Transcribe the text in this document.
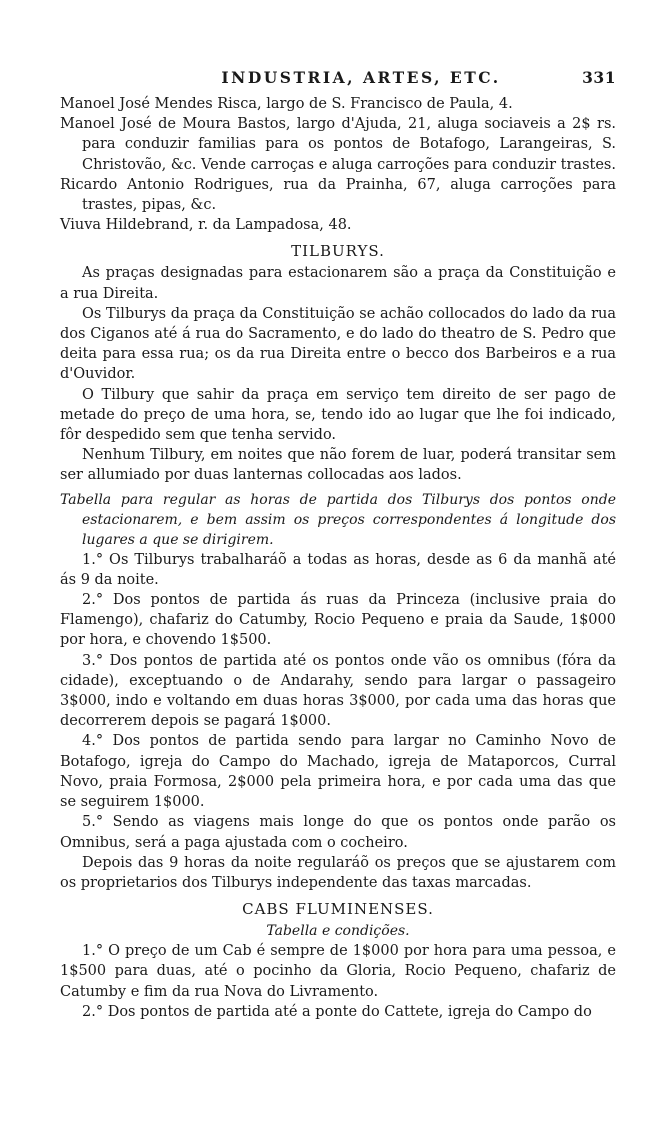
INDUSTRIA, ARTES, ETC.	331
Manoel José Mendes Risca, largo de S. Francisco de Paula, 4.
Manoel José de Moura Bastos, largo d'Ajuda, 21, aluga sociaveis a 2$ rs. para conduzir familias para os pontos de Botafogo, Larangeiras, S. Christovão, &c. Vende carroças e aluga carroções para conduzir trastes.
Ricardo Antonio Rodrigues, rua da Prainha, 67, aluga carroções para trastes, pipas, &c.
Viuva Hildebrand, r. da Lampadosa, 48.
TILBURYS.
As praças designadas para estacionarem são a praça da Constituição e a rua Direita.
Os Tilburys da praça da Constituição se achão collocados do lado da rua dos Ciganos até á rua do Sacramento, e do lado do theatro de S. Pedro que deita para essa rua; os da rua Direita entre o becco dos Barbeiros e a rua d'Ouvidor.
O Tilbury que sahir da praça em serviço tem direito de ser pago de metade do preço de uma hora, se, tendo ido ao lugar que lhe foi indicado, fôr despedido sem que tenha servido.
Nenhum Tilbury, em noites que não forem de luar, poderá transitar sem ser allumiado por duas lanternas collocadas aos lados.
Tabella para regular as horas de partida dos Tilburys dos pontos onde estacionarem, e bem assim os preços correspondentes á longitude dos lugares a que se dirigirem.
1.° Os Tilburys trabalharáõ a todas as horas, desde as 6 da manhã até ás 9 da noite.
2.° Dos pontos de partida ás ruas da Princeza (inclusive praia do Flamengo), chafariz do Catumby, Rocio Pequeno e praia da Saude, 1$000 por hora, e chovendo 1$500.
3.° Dos pontos de partida até os pontos onde vão os omnibus (fóra da cidade), exceptuando o de Andarahy, sendo para largar o passageiro 3$000, indo e voltando em duas horas 3$000, por cada uma das horas que decorrerem depois se pagará 1$000.
4.° Dos pontos de partida sendo para largar no Caminho Novo de Botafogo, igreja do Campo do Machado, igreja de Mataporcos, Curral Novo, praia Formosa, 2$000 pela primeira hora, e por cada uma das que se seguirem 1$000.
5.° Sendo as viagens mais longe do que os pontos onde parão os Omnibus, será a paga ajustada com o cocheiro.
Depois das 9 horas da noite regularáõ os preços que se ajustarem com os proprietarios dos Tilburys independente das taxas marcadas.
CABS FLUMINENSES.
Tabella e condições.
1.° O preço de um Cab é sempre de 1$000 por hora para uma pessoa, e 1$500 para duas, até o pocinho da Gloria, Rocio Pequeno, chafariz de Catumby e fim da rua Nova do Livramento.
2.° Dos pontos de partida até a ponte do Cattete, igreja do Campo do
